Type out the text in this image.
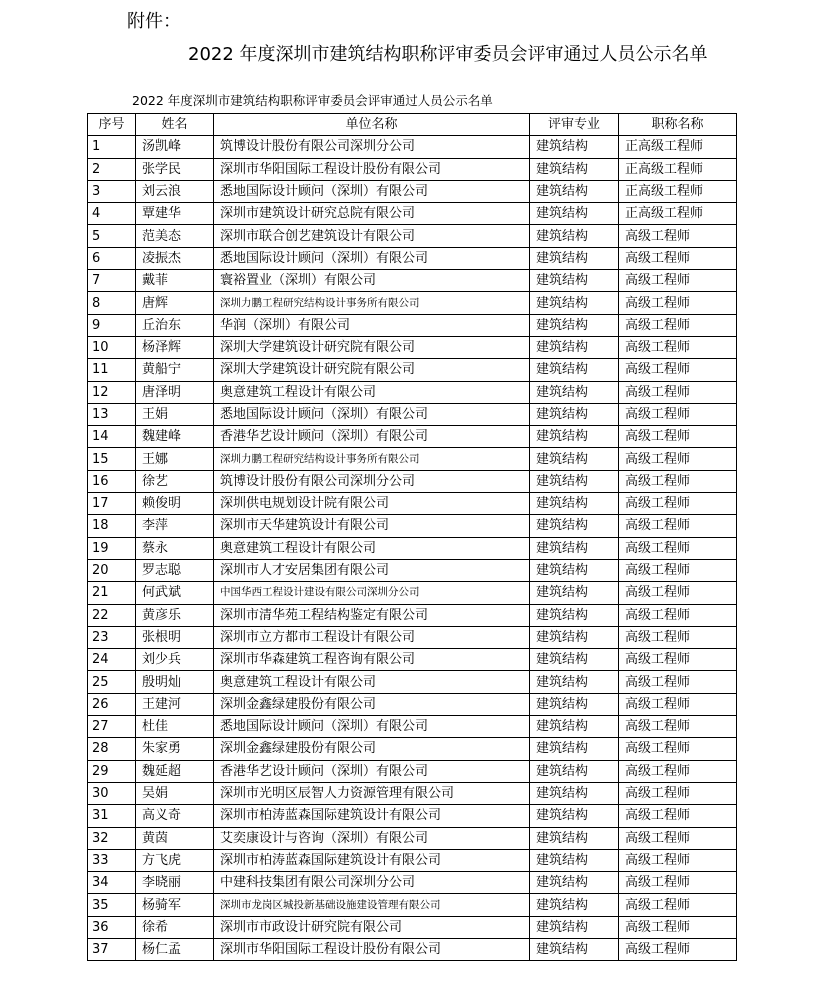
附件：
2022 年度深圳市建筑结构职称评审委员会评审通过人员公示名单
2022 年度深圳市建筑结构职称评审委员会评审通过人员公示名单
序号	姓名	单位名称	评审专业	职称名称
1	汤凯峰	筑博设计股份有限公司深圳分公司	建筑结构	正高级工程师
2	张学民	深圳市华阳国际工程设计股份有限公司	建筑结构	正高级工程师
3	刘云浪	悉地国际设计顾问（深圳）有限公司	建筑结构	正高级工程师
4	覃建华	深圳市建筑设计研究总院有限公司	建筑结构	正高级工程师
5	范美态	深圳市联合创艺建筑设计有限公司	建筑结构	高级工程师
6	凌振杰	悉地国际设计顾问（深圳）有限公司	建筑结构	高级工程师
7	戴菲	寰裕置业（深圳）有限公司	建筑结构	高级工程师
8	唐辉	深圳力鹏工程研究结构设计事务所有限公司	建筑结构	高级工程师
9	丘治东	华润（深圳）有限公司	建筑结构	高级工程师
10	杨泽辉	深圳大学建筑设计研究院有限公司	建筑结构	高级工程师
11	黄船宁	深圳大学建筑设计研究院有限公司	建筑结构	高级工程师
12	唐泽明	奥意建筑工程设计有限公司	建筑结构	高级工程师
13	王娟	悉地国际设计顾问（深圳）有限公司	建筑结构	高级工程师
14	魏建峰	香港华艺设计顾问（深圳）有限公司	建筑结构	高级工程师
15	王娜	深圳力鹏工程研究结构设计事务所有限公司	建筑结构	高级工程师
16	徐艺	筑博设计股份有限公司深圳分公司	建筑结构	高级工程师
17	赖俊明	深圳供电规划设计院有限公司	建筑结构	高级工程师
18	李萍	深圳市天华建筑设计有限公司	建筑结构	高级工程师
19	蔡永	奥意建筑工程设计有限公司	建筑结构	高级工程师
20	罗志聪	深圳市人才安居集团有限公司	建筑结构	高级工程师
21	何武斌	中国华西工程设计建设有限公司深圳分公司	建筑结构	高级工程师
22	黄彦乐	深圳市清华苑工程结构鉴定有限公司	建筑结构	高级工程师
23	张根明	深圳市立方都市工程设计有限公司	建筑结构	高级工程师
24	刘少兵	深圳市华森建筑工程咨询有限公司	建筑结构	高级工程师
25	殷明灿	奥意建筑工程设计有限公司	建筑结构	高级工程师
26	王建河	深圳金鑫绿建股份有限公司	建筑结构	高级工程师
27	杜佳	悉地国际设计顾问（深圳）有限公司	建筑结构	高级工程师
28	朱家勇	深圳金鑫绿建股份有限公司	建筑结构	高级工程师
29	魏延超	香港华艺设计顾问（深圳）有限公司	建筑结构	高级工程师
30	吴娟	深圳市光明区辰智人力资源管理有限公司	建筑结构	高级工程师
31	高义奇	深圳市柏涛蓝森国际建筑设计有限公司	建筑结构	高级工程师
32	黄茵	艾奕康设计与咨询（深圳）有限公司	建筑结构	高级工程师
33	方飞虎	深圳市柏涛蓝森国际建筑设计有限公司	建筑结构	高级工程师
34	李晓丽	中建科技集团有限公司深圳分公司	建筑结构	高级工程师
35	杨骑军	深圳市龙岗区城投新基础设施建设管理有限公司	建筑结构	高级工程师
36	徐希	深圳市市政设计研究院有限公司	建筑结构	高级工程师
37	杨仁孟	深圳市华阳国际工程设计股份有限公司	建筑结构	高级工程师
